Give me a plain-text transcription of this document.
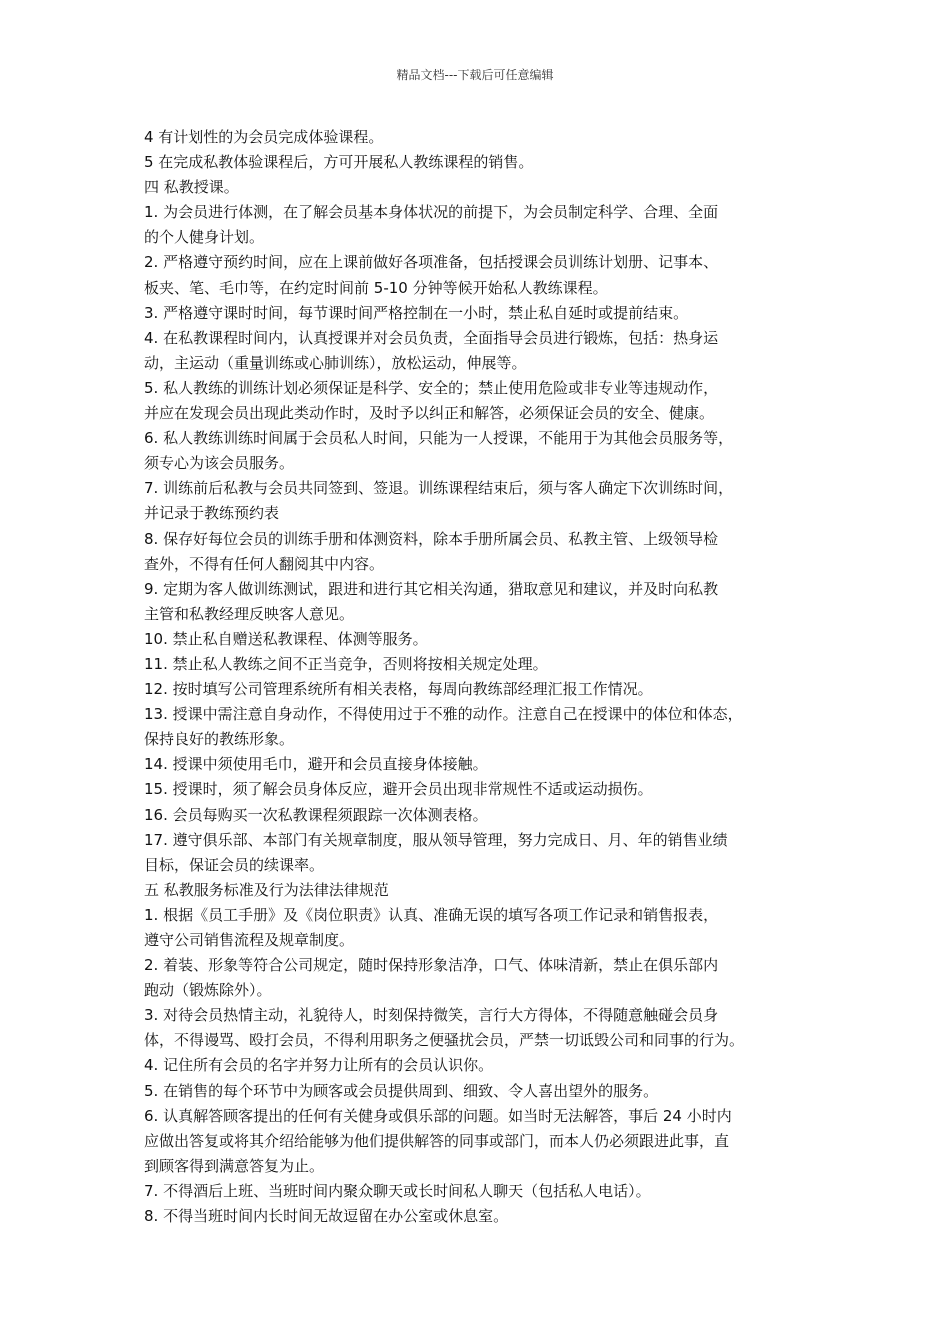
精品文档---下载后可任意编辑

4 有计划性的为会员完成体验课程。

5 在完成私教体验课程后，方可开展私人教练课程的销售。

四 私教授课。

1. 为会员进行体测，在了解会员基本身体状况的前提下，为会员制定科学、合理、全面

的个人健身计划。

2. 严格遵守预约时间，应在上课前做好各项准备，包括授课会员训练计划册、记事本、

板夹、笔、毛巾等，在约定时间前 5-10 分钟等候开始私人教练课程。

3. 严格遵守课时时间，每节课时间严格控制在一小时，禁止私自延时或提前结束。

4. 在私教课程时间内，认真授课并对会员负责，全面指导会员进行锻炼，包括：热身运

动，主运动（重量训练或心肺训练），放松运动，伸展等。

5. 私人教练的训练计划必须保证是科学、安全的；禁止使用危险或非专业等违规动作，

并应在发现会员出现此类动作时，及时予以纠正和解答，必须保证会员的安全、健康。

6. 私人教练训练时间属于会员私人时间，只能为一人授课，不能用于为其他会员服务等，

须专心为该会员服务。

7. 训练前后私教与会员共同签到、签退。训练课程结束后，须与客人确定下次训练时间，

并记录于教练预约表

8. 保存好每位会员的训练手册和体测资料，除本手册所属会员、私教主管、上级领导检

查外，不得有任何人翻阅其中内容。

9. 定期为客人做训练测试，跟进和进行其它相关沟通，猎取意见和建议，并及时向私教

主管和私教经理反映客人意见。

10. 禁止私自赠送私教课程、体测等服务。

11. 禁止私人教练之间不正当竞争，否则将按相关规定处理。

12. 按时填写公司管理系统所有相关表格，每周向教练部经理汇报工作情况。

13. 授课中需注意自身动作，不得使用过于不雅的动作。注意自己在授课中的体位和体态，

保持良好的教练形象。

14. 授课中须使用毛巾，避开和会员直接身体接触。

15. 授课时，须了解会员身体反应，避开会员出现非常规性不适或运动损伤。

16. 会员每购买一次私教课程须跟踪一次体测表格。

17. 遵守俱乐部、本部门有关规章制度，服从领导管理，努力完成日、月、年的销售业绩

目标，保证会员的续课率。

五 私教服务标准及行为法律法律规范

1. 根据《员工手册》及《岗位职责》认真、准确无误的填写各项工作记录和销售报表，

遵守公司销售流程及规章制度。

2. 着装、形象等符合公司规定，随时保持形象洁净，口气、体味清新，禁止在俱乐部内

跑动（锻炼除外）。

3. 对待会员热情主动，礼貌待人，时刻保持微笑，言行大方得体，不得随意触碰会员身

体，不得谩骂、殴打会员，不得利用职务之便骚扰会员，严禁一切诋毁公司和同事的行为。

4. 记住所有会员的名字并努力让所有的会员认识你。

5. 在销售的每个环节中为顾客或会员提供周到、细致、令人喜出望外的服务。

6. 认真解答顾客提出的任何有关健身或俱乐部的问题。如当时无法解答，事后 24 小时内

应做出答复或将其介绍给能够为他们提供解答的同事或部门，而本人仍必须跟进此事，直

到顾客得到满意答复为止。

7. 不得酒后上班、当班时间内聚众聊天或长时间私人聊天（包括私人电话）。

8. 不得当班时间内长时间无故逗留在办公室或休息室。
